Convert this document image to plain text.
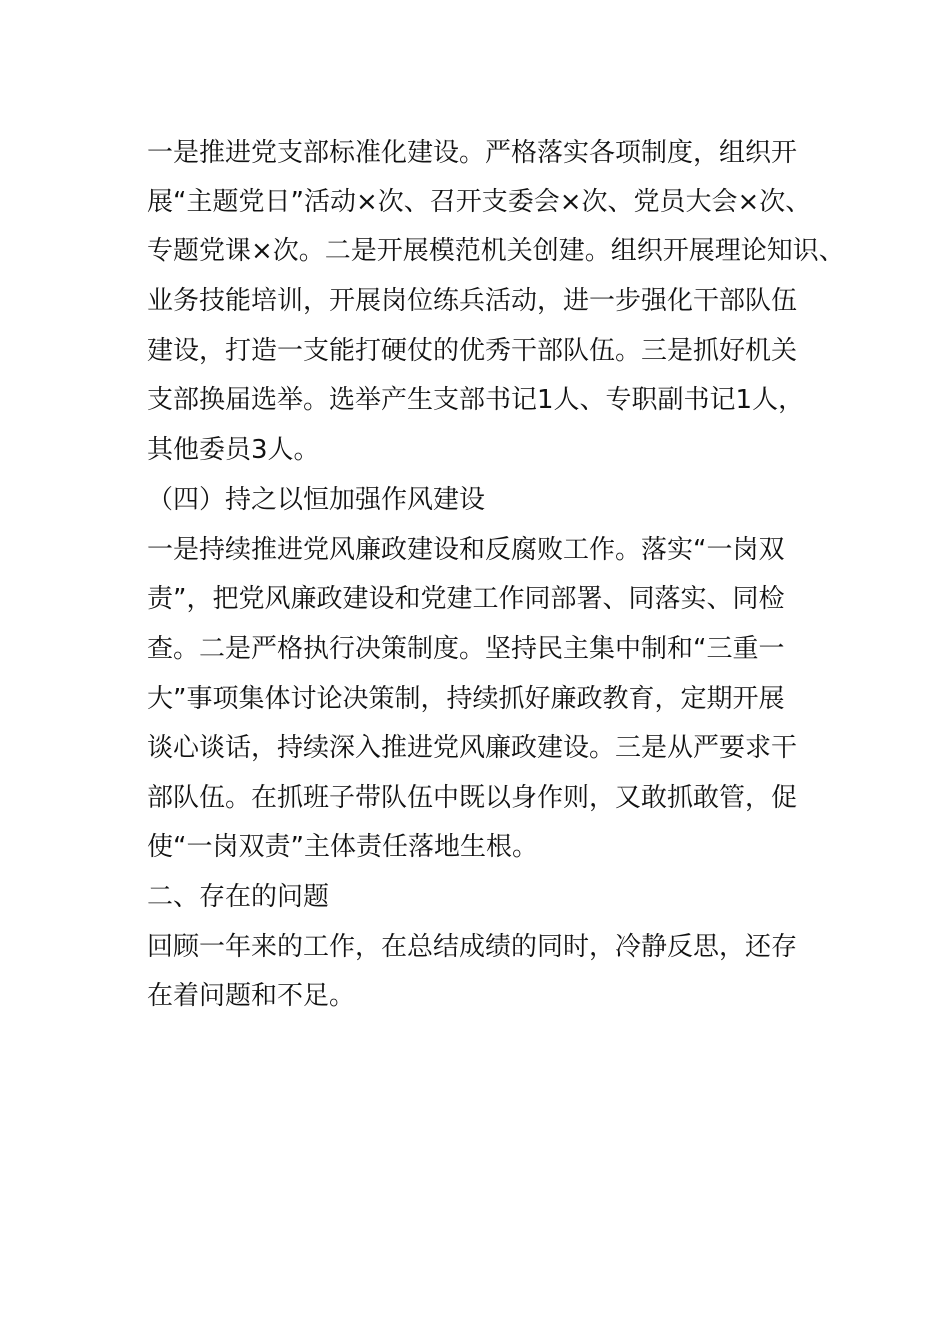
一是推进党支部标准化建设。严格落实各项制度，组织开
展“主题党日”活动×次、召开支委会×次、党员大会×次、
专题党课×次。二是开展模范机关创建。组织开展理论知识、
业务技能培训，开展岗位练兵活动，进一步强化干部队伍
建设，打造一支能打硬仗的优秀干部队伍。三是抓好机关
支部换届选举。选举产生支部书记1人、专职副书记1人，
其他委员3人。
（四）持之以恒加强作风建设
一是持续推进党风廉政建设和反腐败工作。落实“一岗双
责”，把党风廉政建设和党建工作同部署、同落实、同检
查。二是严格执行决策制度。坚持民主集中制和“三重一
大”事项集体讨论决策制，持续抓好廉政教育，定期开展
谈心谈话，持续深入推进党风廉政建设。三是从严要求干
部队伍。在抓班子带队伍中既以身作则，又敢抓敢管，促
使“一岗双责”主体责任落地生根。
二、存在的问题
回顾一年来的工作，在总结成绩的同时，冷静反思，还存
在着问题和不足。
